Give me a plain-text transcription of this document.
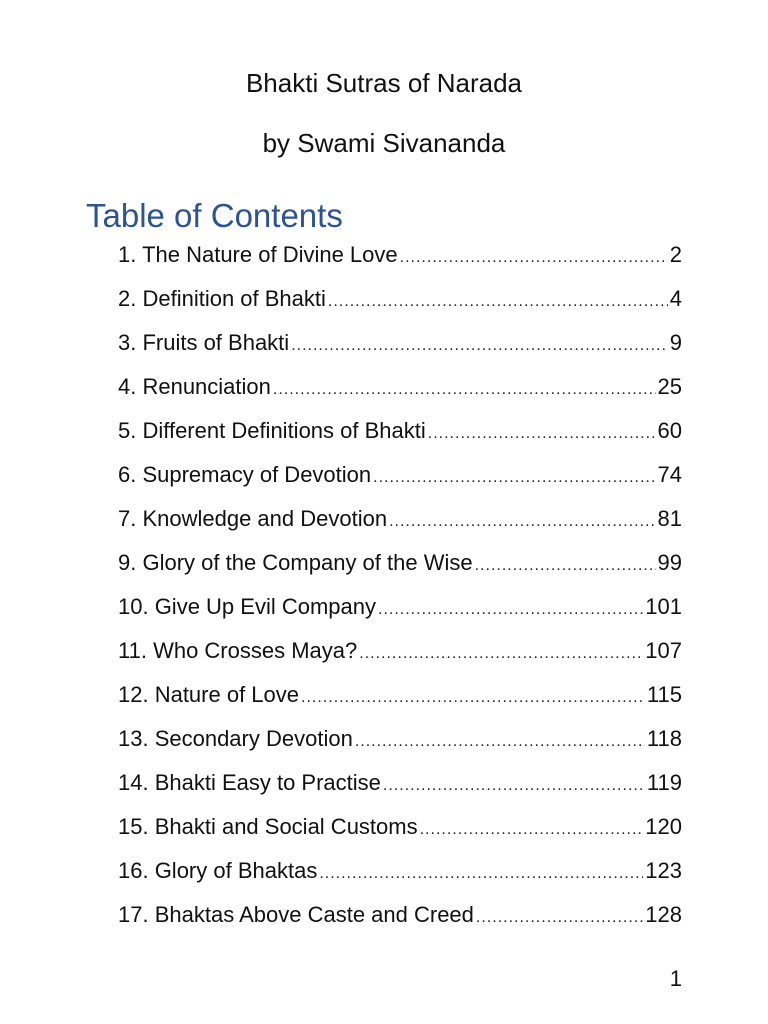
Bhakti Sutras of Narada
by Swami Sivananda
Table of Contents
1. The Nature of Divine Love .....	2
2. Definition of Bhakti .....	4
3. Fruits of Bhakti .....	9
4. Renunciation .....	25
5. Different Definitions of Bhakti .....	60
6. Supremacy of Devotion .....	74
7. Knowledge and Devotion .....	81
9. Glory of the Company of the Wise .....	99
10. Give Up Evil Company .....	101
11. Who Crosses Maya? .....	107
12. Nature of Love .....	115
13. Secondary Devotion .....	118
14. Bhakti Easy to Practise .....	119
15. Bhakti and Social Customs .....	120
16. Glory of Bhaktas .....	123
17. Bhaktas Above Caste and Creed .....	128
1
